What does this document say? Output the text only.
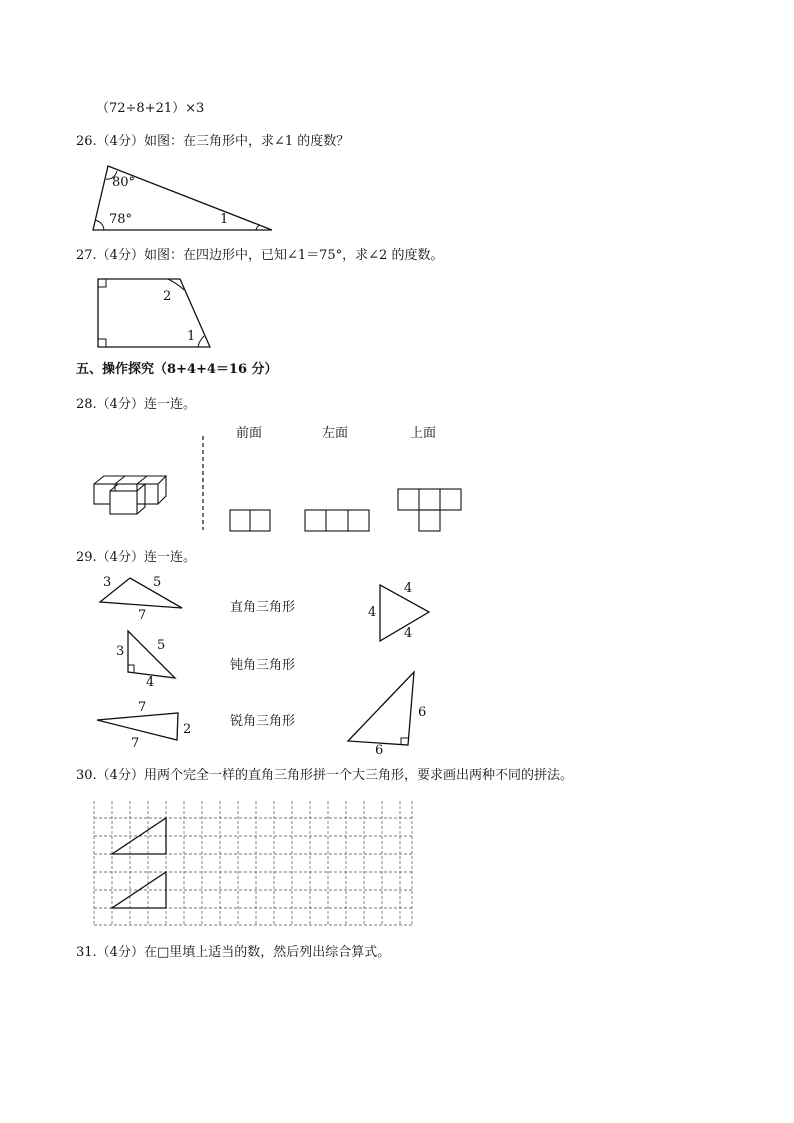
（72÷8+21）×3
26.（4分）如图：在三角形中，求∠1 的度数？
80°
78°	1
27.（4分）如图：在四边形中，已知∠1＝75°，求∠2 的度数。
2
1
五、操作探究（8+4+4＝16 分）
28.（4分）连一连。
前面	左面	上面
29.（4分）连一连。
3	5
7
3	5
4
7
7
2
直角三角形
钝角三角形
锐角三角形
4
4
4
6
6
30.（4分）用两个完全一样的直角三角形拼一个大三角形，要求画出两种不同的拼法。
31.（4分）在□里填上适当的数，然后列出综合算式。
